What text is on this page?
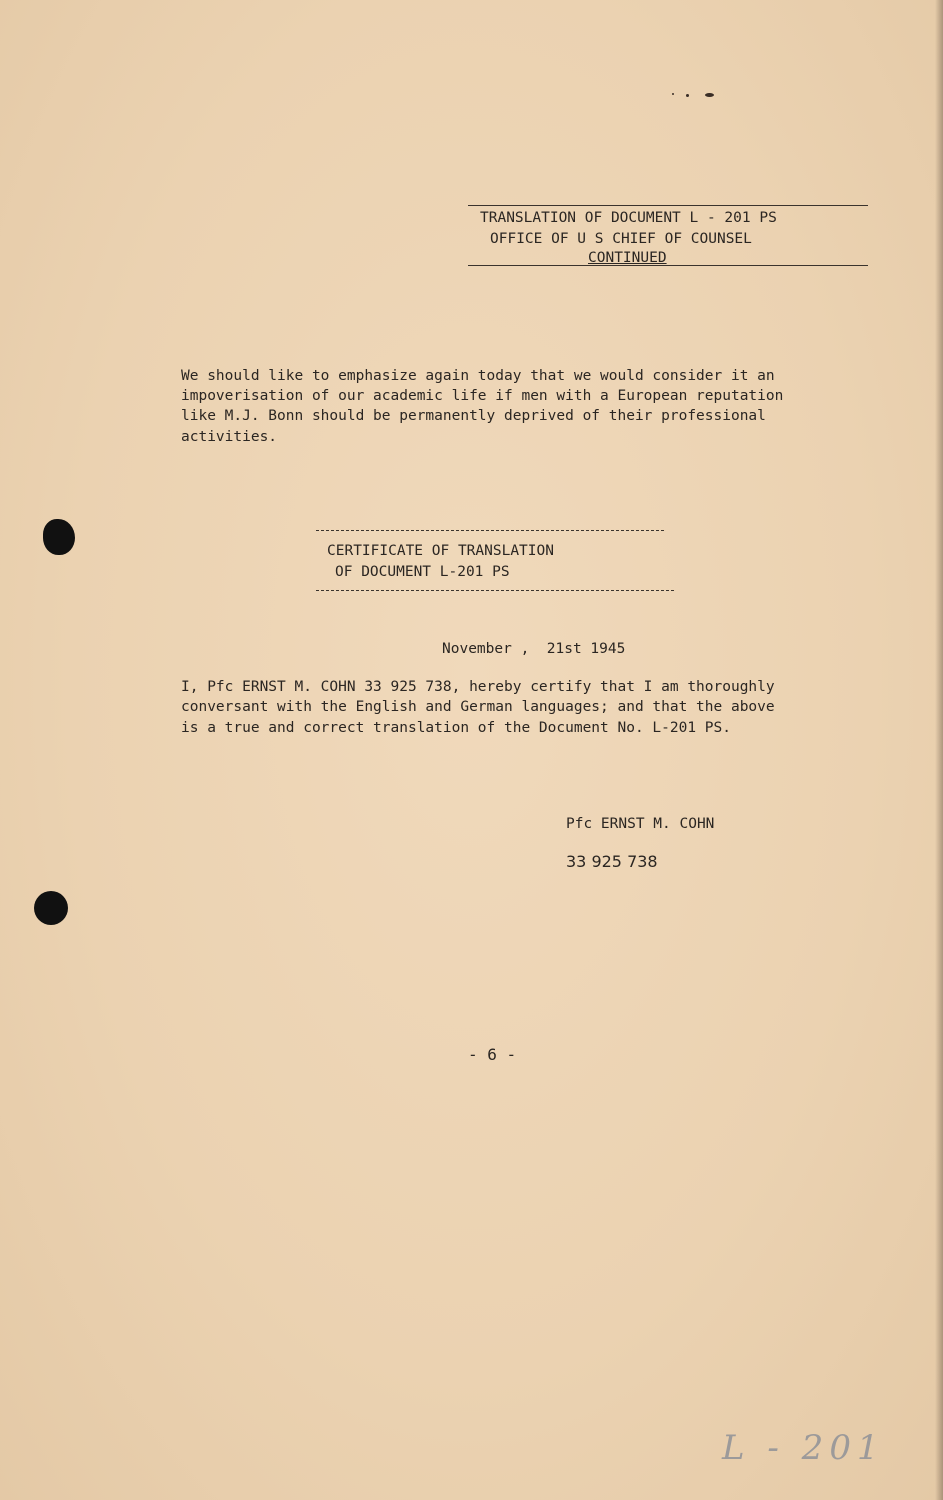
TRANSLATION OF DOCUMENT L - 201 PS
OFFICE OF U S CHIEF OF COUNSEL
CONTINUED
We should like to emphasize again today that we would consider it an
impoverisation of our academic life if men with a European reputation
like M.J. Bonn should be permanently deprived of their professional
activities.
CERTIFICATE OF TRANSLATION
OF DOCUMENT L-201 PS
November ,  21st 1945
I, Pfc ERNST M. COHN 33 925 738, hereby certify that I am thoroughly
conversant with the English and German languages; and that the above
is a true and correct translation of the Document No. L-201 PS.
Pfc ERNST M. COHN
33 925 738
- 6 -
L - 201
